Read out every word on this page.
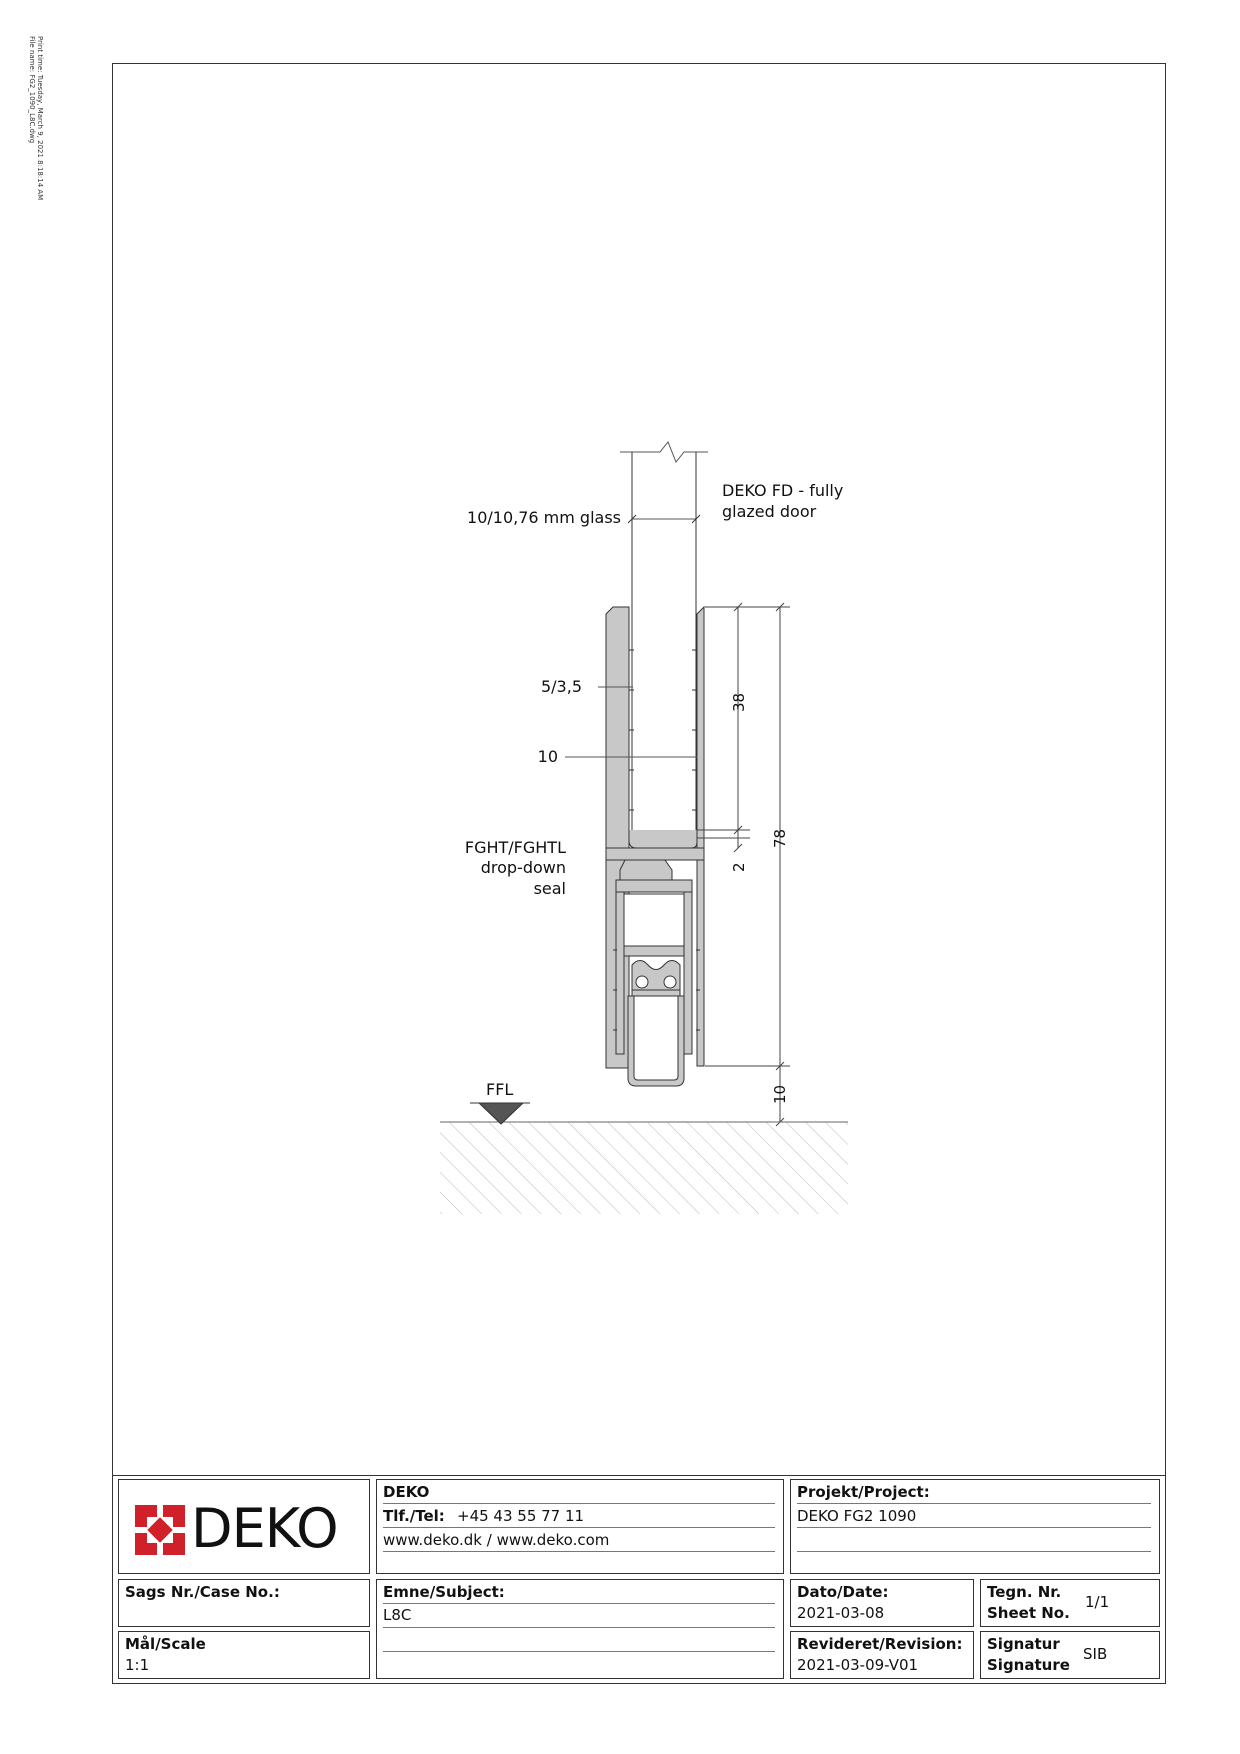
Print time: Tuesday, March 9, 2021 8:18:14 AM
File name: FG2_1090_L8C.dwg
DEKO FD - fully
glazed door
10/10,76 mm glass
5/3,5
10
FGHT/FGHTL
drop-down
seal
FFL
38
78
2
10
DEKO
DEKO
Tlf./Tel: +45 43 55 77 11
www.deko.dk / www.deko.com
Projekt/Project:
DEKO FG2 1090
Sags Nr./Case No.:
Mål/Scale
1:1
Emne/Subject:
L8C
Dato/Date:
2021-03-08
Revideret/Revision:
2021-03-09-V01
Tegn. Nr.
Sheet No.
1/1
Signatur
Signature
SIB
